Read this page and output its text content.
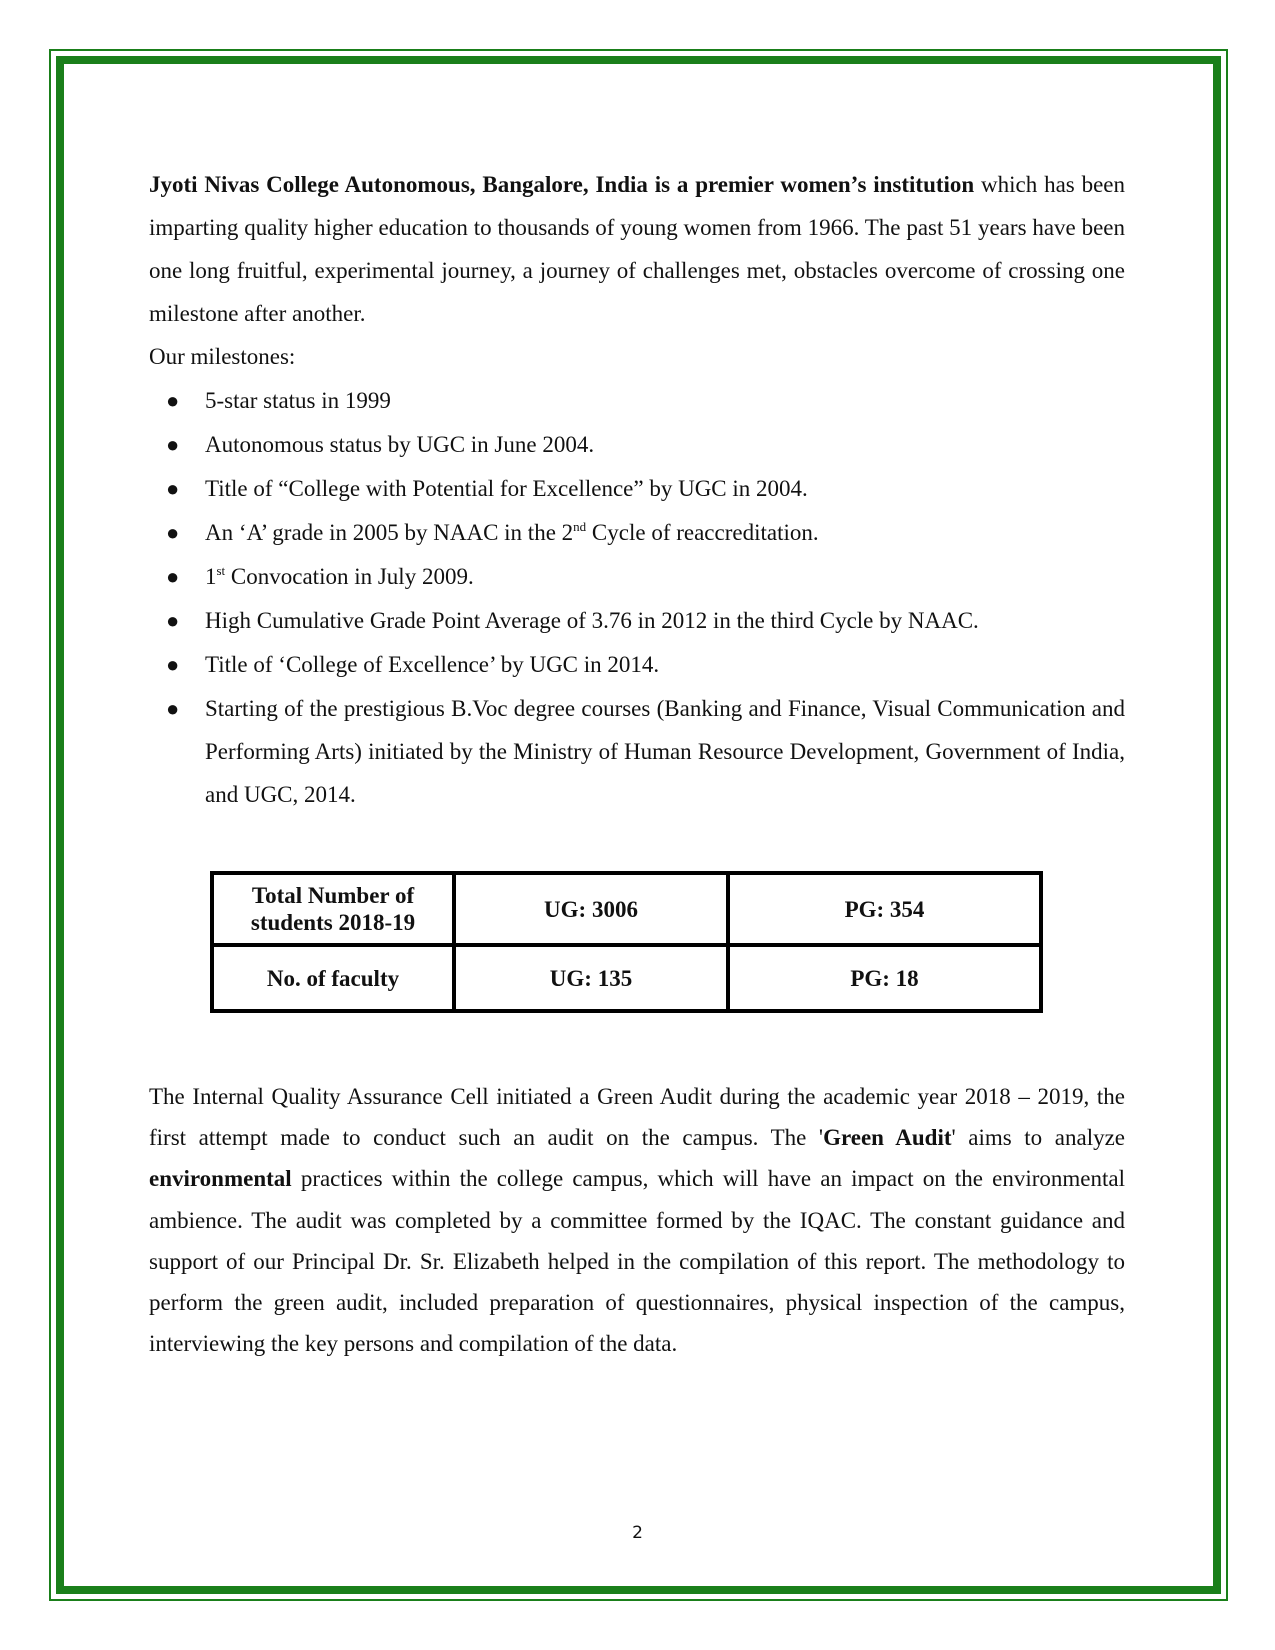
Jyoti Nivas College Autonomous, Bangalore, India is a premier women’s institution which has been imparting quality higher education to thousands of young women from 1966. The past 51 years have been one long fruitful, experimental journey, a journey of challenges met, obstacles overcome of crossing one milestone after another.

Our milestones:

● 5-star status in 1999
● Autonomous status by UGC in June 2004.
● Title of “College with Potential for Excellence” by UGC in 2004.
● An ‘A’ grade in 2005 by NAAC in the 2nd Cycle of reaccreditation.
● 1st Convocation in July 2009.
● High Cumulative Grade Point Average of 3.76 in 2012 in the third Cycle by NAAC.
● Title of ‘College of Excellence’ by UGC in 2014.
● Starting of the prestigious B.Voc degree courses (Banking and Finance, Visual Communication and Performing Arts) initiated by the Ministry of Human Resource Development, Government of India, and UGC, 2014.
Total Number of
students 2018-19	UG: 3006	PG: 354
No. of faculty	UG: 135	PG: 18

The Internal Quality Assurance Cell initiated a Green Audit during the academic year 2018 – 2019, the first attempt made to conduct such an audit on the campus. The 'Green Audit' aims to analyze environmental practices within the college campus, which will have an impact on the environmental ambience. The audit was completed by a committee formed by the IQAC. The constant guidance and support of our Principal Dr. Sr. Elizabeth helped in the compilation of this report. The methodology to perform the green audit, included preparation of questionnaires, physical inspection of the campus, interviewing the key persons and compilation of the data.

2
